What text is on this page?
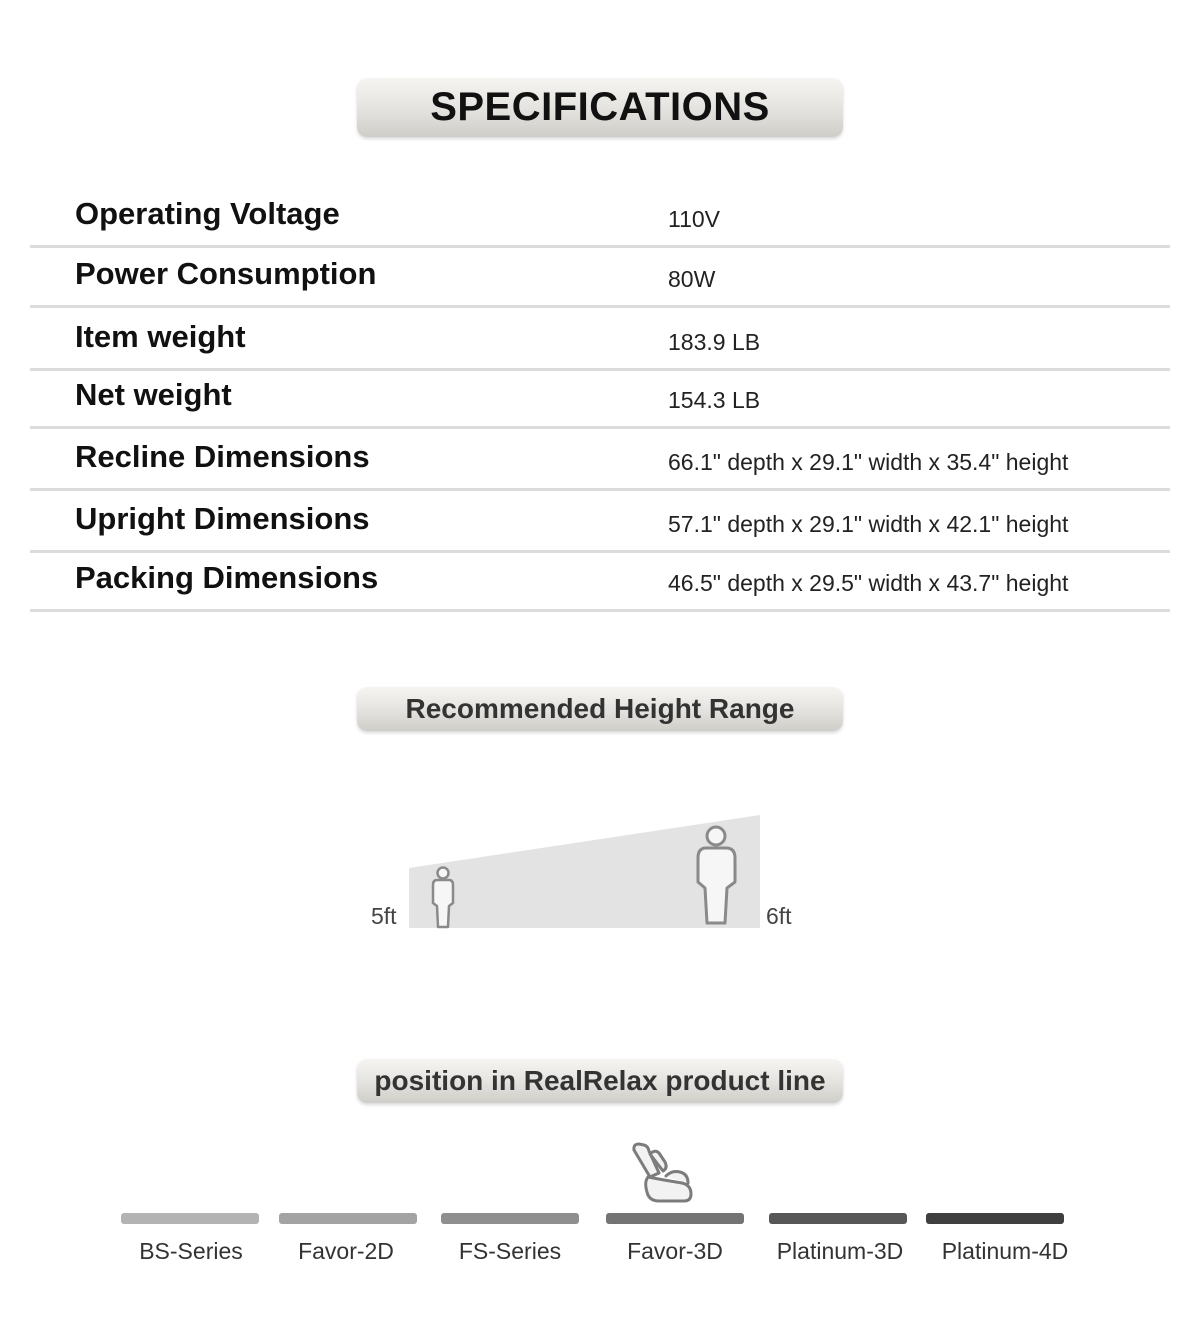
SPECIFICATIONS
Operating Voltage	110V
Power Consumption	80W
Item weight	183.9 LB
Net weight	154.3 LB
Recline Dimensions	66.1" depth x 29.1" width x 35.4" height
Upright Dimensions	57.1" depth x 29.1" width x 42.1" height
Packing Dimensions	46.5" depth x 29.5" width x 43.7" height
Recommended Height Range
5ft	6ft
position in RealRelax product line
BS-Series	Favor-2D	FS-Series	Favor-3D	Platinum-3D	Platinum-4D
